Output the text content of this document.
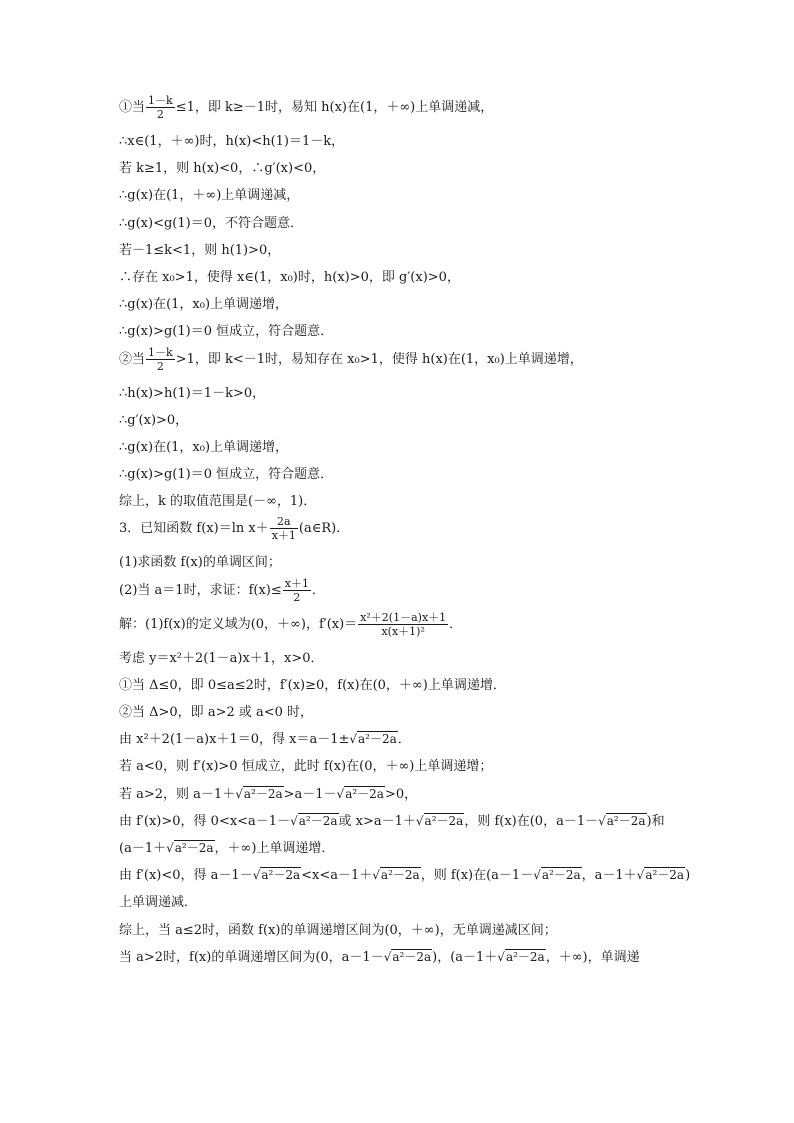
①当 $\frac{1-k}{2} \le 1$，即 k≥－1时，易知 h(x)在(1，＋∞)上单调递减，
∴x∈(1，＋∞)时，h(x)<h(1)＝1－k，
若 k≥1，则 h(x)<0，∴g′(x)<0，
∴g(x)在(1，＋∞)上单调递减，
∴g(x)<g(1)＝0，不符合题意．
若－1≤k<1，则 h(1)>0，
∴存在 x₀>1，使得 x∈(1，x₀)时，h(x)>0，即 g′(x)>0，
∴g(x)在(1，x₀)上单调递增，
∴g(x)>g(1)＝0 恒成立，符合题意．
②当 $\frac{1-k}{2} >1$，即 k<－1时，易知存在 x₀>1，使得 h(x)在(1，x₀)上单调递增，
∴h(x)>h(1)＝1－k>0，
∴g′(x)>0，
∴g(x)在(1，x₀)上单调递增，
∴g(x)>g(1)＝0 恒成立，符合题意．
综上，k 的取值范围是(－∞，1)．
3．已知函数 f(x)＝ln $x+ \frac{2a}{x+1}$ (a∈R)．
(1)求函数 f(x)的单调区间；
(2)当 a＝1时，求证：$f(x)\le \frac{x+1}{2}$ ．
解：(1)f(x)的定义域为(0，＋∞)，$f'(x)= \frac{\text{x²＋2(1－a)x＋1}}{\text{x(x＋1)²}}$ ．
考虑 y＝x²＋2(1－a)x＋1，x>0．
①当 Δ≤0，即 0≤a≤2时，f′(x)≥0，f(x)在(0，＋∞)上单调递增．
②当 Δ>0，即 a>2 或 a<0 时，
由 x²＋2(1－a)x＋1＝0，得 x＝a－1±√a²－2a．
若 a<0，则 f′(x)>0 恒成立，此时 f(x)在(0，＋∞)上单调递增；
若 a>2，则 a－1＋√a²－2a>a－1－√a²－2a>0，
由 f′(x)>0，得 0<x<a－1－√a²－2a或 x>a－1＋√a²－2a，则 f(x)在(0，a－1－√a²－2a)和
(a－1＋√a²－2a，＋∞)上单调递增．
由 f′(x)<0，得 a－1－√a²－2a<x<a－1＋√a²－2a，则 f(x)在(a－1－√a²－2a，a－1＋√a²－2a)
上单调递减．
综上，当 a≤2时，函数 f(x)的单调递增区间为(0，＋∞)，无单调递减区间；
当 a>2时，f(x)的单调递增区间为(0，a－1－√a²－2a)，(a－1＋√a²－2a，＋∞)，单调递
